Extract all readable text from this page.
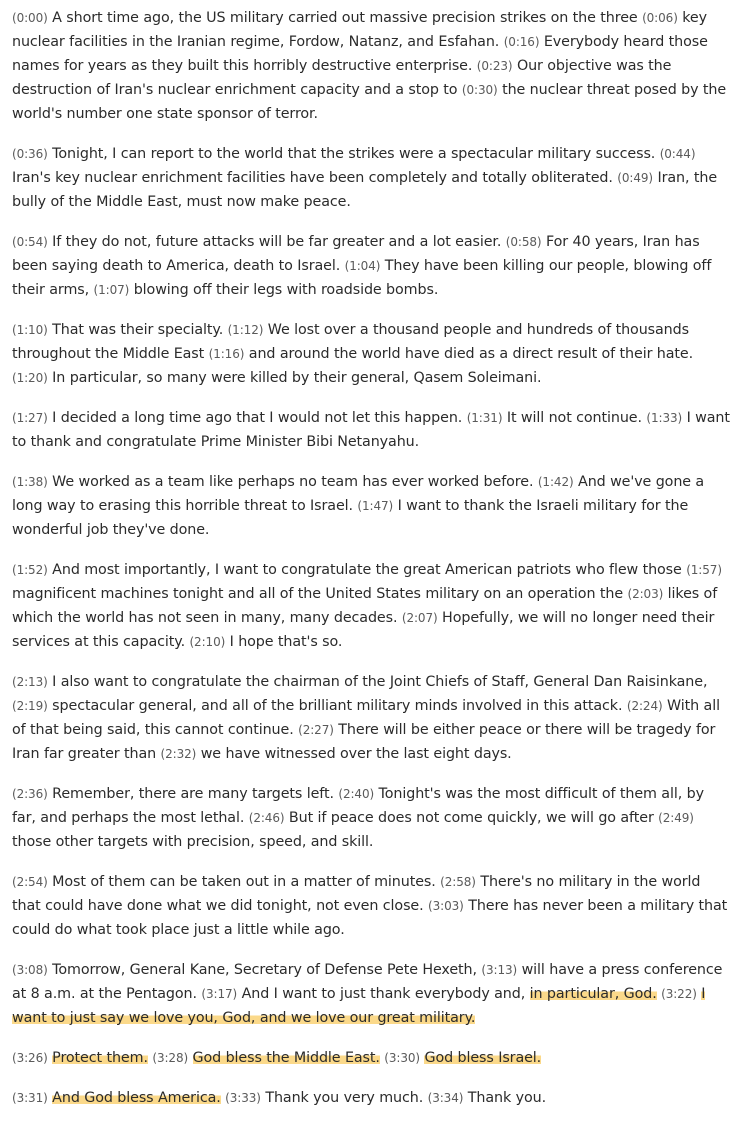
(0:00) A short time ago, the US military carried out massive precision strikes on the three (0:06) key nuclear facilities in the Iranian regime, Fordow, Natanz, and Esfahan. (0:16) Everybody heard those names for years as they built this horribly destructive enterprise. (0:23) Our objective was the destruction of Iran's nuclear enrichment capacity and a stop to (0:30) the nuclear threat posed by the world's number one state sponsor of terror.

(0:36) Tonight, I can report to the world that the strikes were a spectacular military success. (0:44) Iran's key nuclear enrichment facilities have been completely and totally obliterated. (0:49) Iran, the bully of the Middle East, must now make peace.

(0:54) If they do not, future attacks will be far greater and a lot easier. (0:58) For 40 years, Iran has been saying death to America, death to Israel. (1:04) They have been killing our people, blowing off their arms, (1:07) blowing off their legs with roadside bombs.

(1:10) That was their specialty. (1:12) We lost over a thousand people and hundreds of thousands throughout the Middle East (1:16) and around the world have died as a direct result of their hate. (1:20) In particular, so many were killed by their general, Qasem Soleimani.

(1:27) I decided a long time ago that I would not let this happen. (1:31) It will not continue. (1:33) I want to thank and congratulate Prime Minister Bibi Netanyahu.

(1:38) We worked as a team like perhaps no team has ever worked before. (1:42) And we've gone a long way to erasing this horrible threat to Israel. (1:47) I want to thank the Israeli military for the wonderful job they've done.

(1:52) And most importantly, I want to congratulate the great American patriots who flew those (1:57) magnificent machines tonight and all of the United States military on an operation the (2:03) likes of which the world has not seen in many, many decades. (2:07) Hopefully, we will no longer need their services at this capacity. (2:10) I hope that's so.

(2:13) I also want to congratulate the chairman of the Joint Chiefs of Staff, General Dan Raisinkane, (2:19) spectacular general, and all of the brilliant military minds involved in this attack. (2:24) With all of that being said, this cannot continue. (2:27) There will be either peace or there will be tragedy for Iran far greater than (2:32) we have witnessed over the last eight days.

(2:36) Remember, there are many targets left. (2:40) Tonight's was the most difficult of them all, by far, and perhaps the most lethal. (2:46) But if peace does not come quickly, we will go after (2:49) those other targets with precision, speed, and skill.

(2:54) Most of them can be taken out in a matter of minutes. (2:58) There's no military in the world that could have done what we did tonight, not even close. (3:03) There has never been a military that could do what took place just a little while ago.

(3:08) Tomorrow, General Kane, Secretary of Defense Pete Hexeth, (3:13) will have a press conference at 8 a.m. at the Pentagon. (3:17) And I want to just thank everybody and, in particular, God. (3:22) I want to just say we love you, God, and we love our great military.

(3:26) Protect them. (3:28) God bless the Middle East. (3:30) God bless Israel.

(3:31) And God bless America. (3:33) Thank you very much. (3:34) Thank you.
